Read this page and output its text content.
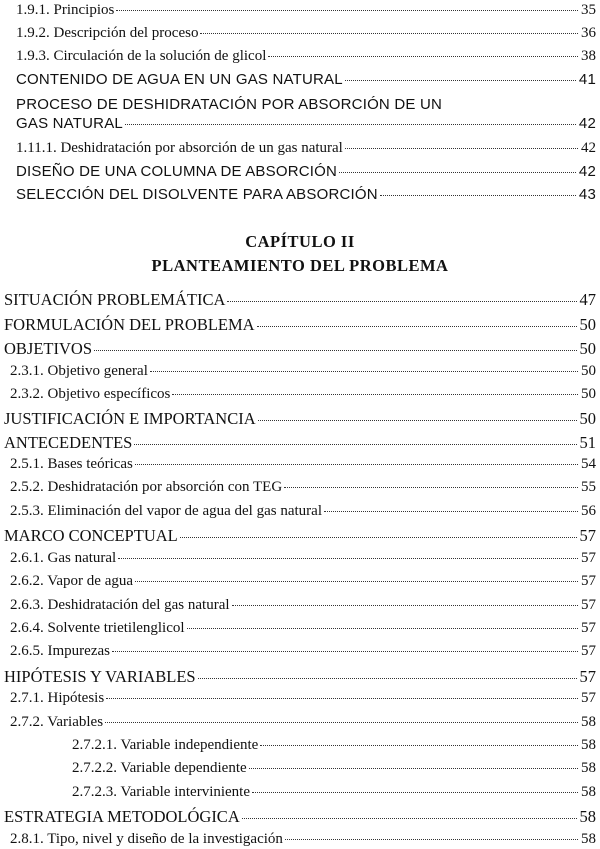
1.9.1. Principios	35
1.9.2. Descripción del proceso	36
1.9.3. Circulación de la solución de glicol	38
CONTENIDO DE AGUA EN UN GAS NATURAL	41
PROCESO DE DESHIDRATACIÓN POR ABSORCIÓN DE UN
GAS NATURAL	42
1.11.1. Deshidratación por absorción de un gas natural	42
DISEÑO DE UNA COLUMNA DE ABSORCIÓN	42
SELECCIÓN DEL DISOLVENTE PARA ABSORCIÓN	43
CAPÍTULO II
PLANTEAMIENTO DEL PROBLEMA
SITUACIÓN PROBLEMÁTICA	47
FORMULACIÓN DEL PROBLEMA	50
OBJETIVOS	50
2.3.1. Objetivo general	50
2.3.2. Objetivo específicos	50
JUSTIFICACIÓN E IMPORTANCIA	50
ANTECEDENTES	51
2.5.1. Bases teóricas	54
2.5.2. Deshidratación por absorción con TEG	55
2.5.3. Eliminación del vapor de agua del gas natural	56
MARCO CONCEPTUAL	57
2.6.1. Gas natural	57
2.6.2. Vapor de agua	57
2.6.3. Deshidratación del gas natural	57
2.6.4. Solvente trietilenglicol	57
2.6.5. Impurezas	57
HIPÓTESIS Y VARIABLES	57
2.7.1. Hipótesis	57
2.7.2. Variables	58
2.7.2.1. Variable independiente	58
2.7.2.2. Variable dependiente	58
2.7.2.3. Variable interviniente	58
ESTRATEGIA METODOLÓGICA	58
2.8.1. Tipo, nivel y diseño de la investigación	58
